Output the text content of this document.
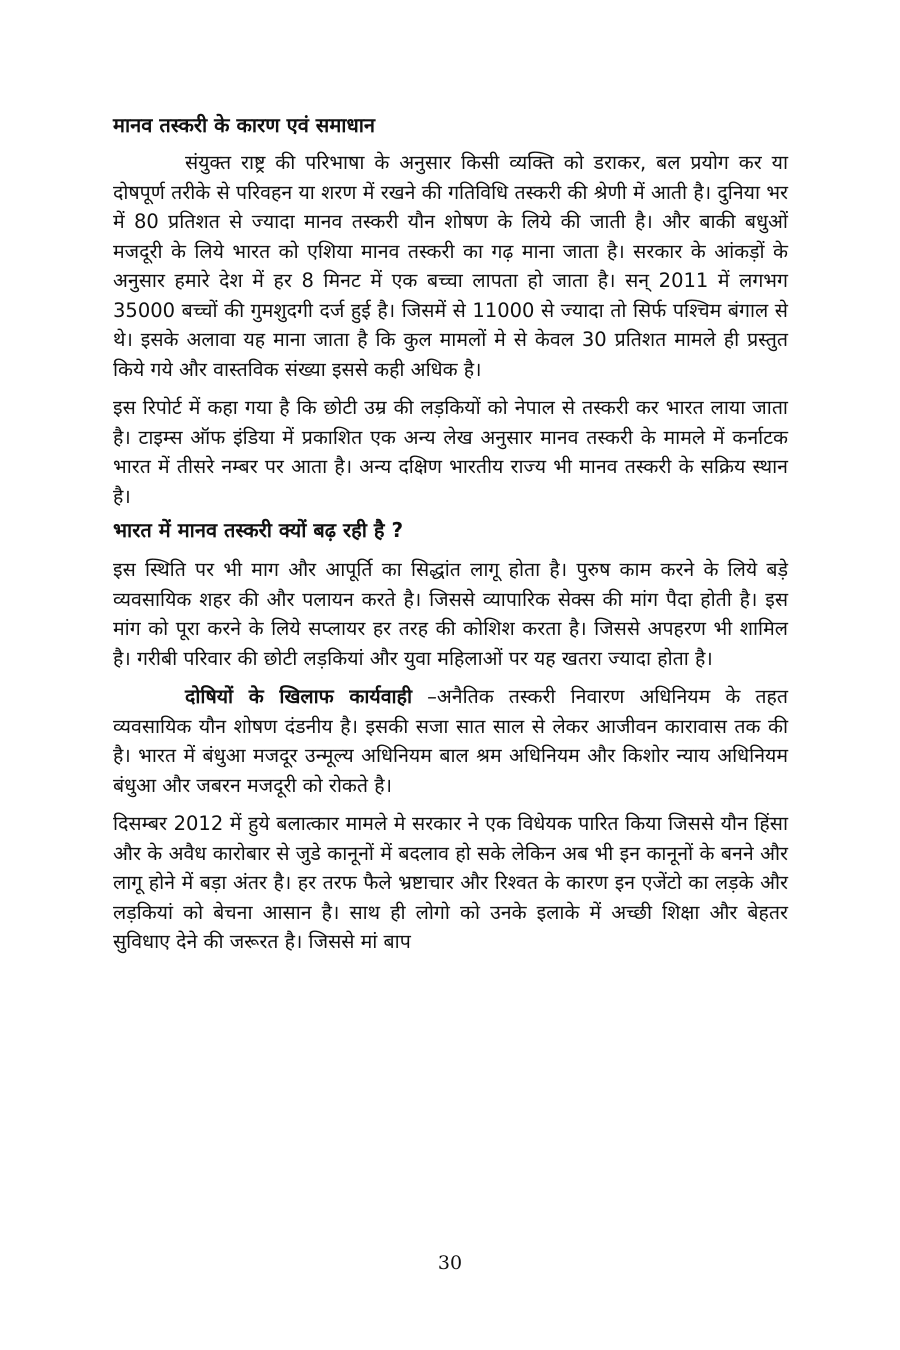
मानव तस्करी के कारण एवं समाधान

संयुक्त राष्ट्र की परिभाषा के अनुसार किसी व्यक्ति को डराकर, बल प्रयोग कर या दोषपूर्ण तरीके से परिवहन या शरण में रखने की गतिविधि तस्करी की श्रेणी में आती है। दुनिया भर में 80 प्रतिशत से ज्यादा मानव तस्करी यौन शोषण के लिये की जाती है। और बाकी बधुओं मजदूरी के लिये भारत को एशिया मानव तस्करी का गढ़ माना जाता है। सरकार के आंकड़ों के अनुसार हमारे देश में हर 8 मिनट में एक बच्चा लापता हो जाता है। सन् 2011 में लगभग 35000 बच्चों की गुमशुदगी दर्ज हुई है। जिसमें से 11000 से ज्यादा तो सिर्फ पश्चिम बंगाल से थे। इसके अलावा यह माना जाता है कि कुल मामलों मे से केवल 30 प्रतिशत मामले ही प्रस्तुत किये गये और वास्तविक संख्या इससे कही अधिक है।

इस रिपोर्ट में कहा गया है कि छोटी उम्र की लड़कियों को नेपाल से तस्करी कर भारत लाया जाता है। टाइम्स ऑफ इंडिया में प्रकाशित एक अन्य लेख अनुसार मानव तस्करी के मामले में कर्नाटक भारत में तीसरे नम्बर पर आता है। अन्य दक्षिण भारतीय राज्य भी मानव तस्करी के सक्रिय स्थान है।

भारत में मानव तस्करी क्यों बढ़ रही है ?

इस स्थिति पर भी माग और आपूर्ति का सिद्धांत लागू होता है। पुरुष काम करने के लिये बड़े व्यवसायिक शहर की और पलायन करते है। जिससे व्यापारिक सेक्स की मांग पैदा होती है। इस मांग को पूरा करने के लिये सप्लायर हर तरह की कोशिश करता है। जिससे अपहरण भी शामिल है। गरीबी परिवार की छोटी लड़कियां और युवा महिलाओं पर यह खतरा ज्यादा होता है।

दोषियों के खिलाफ कार्यवाही –अनैतिक तस्करी निवारण अधिनियम के तहत व्यवसायिक यौन शोषण दंडनीय है। इसकी सजा सात साल से लेकर आजीवन कारावास तक की है। भारत में बंधुआ मजदूर उन्मूल्य अधिनियम बाल श्रम अधिनियम और किशोर न्याय अधिनियम बंधुआ और जबरन मजदूरी को रोकते है।

दिसम्बर 2012 में हुये बलात्कार मामले मे सरकार ने एक विधेयक पारित किया जिससे यौन हिंसा और के अवैध कारोबार से जुडे कानूनों में बदलाव हो सके लेकिन अब भी इन कानूनों के बनने और लागू होने में बड़ा अंतर है। हर तरफ फैले भ्रष्टाचार और रिश्वत के कारण इन एजेंटो का लड़के और लड़कियां को बेचना आसान है। साथ ही लोगो को उनके इलाके में अच्छी शिक्षा और बेहतर सुविधाए देने की जरूरत है। जिससे मां बाप

30
